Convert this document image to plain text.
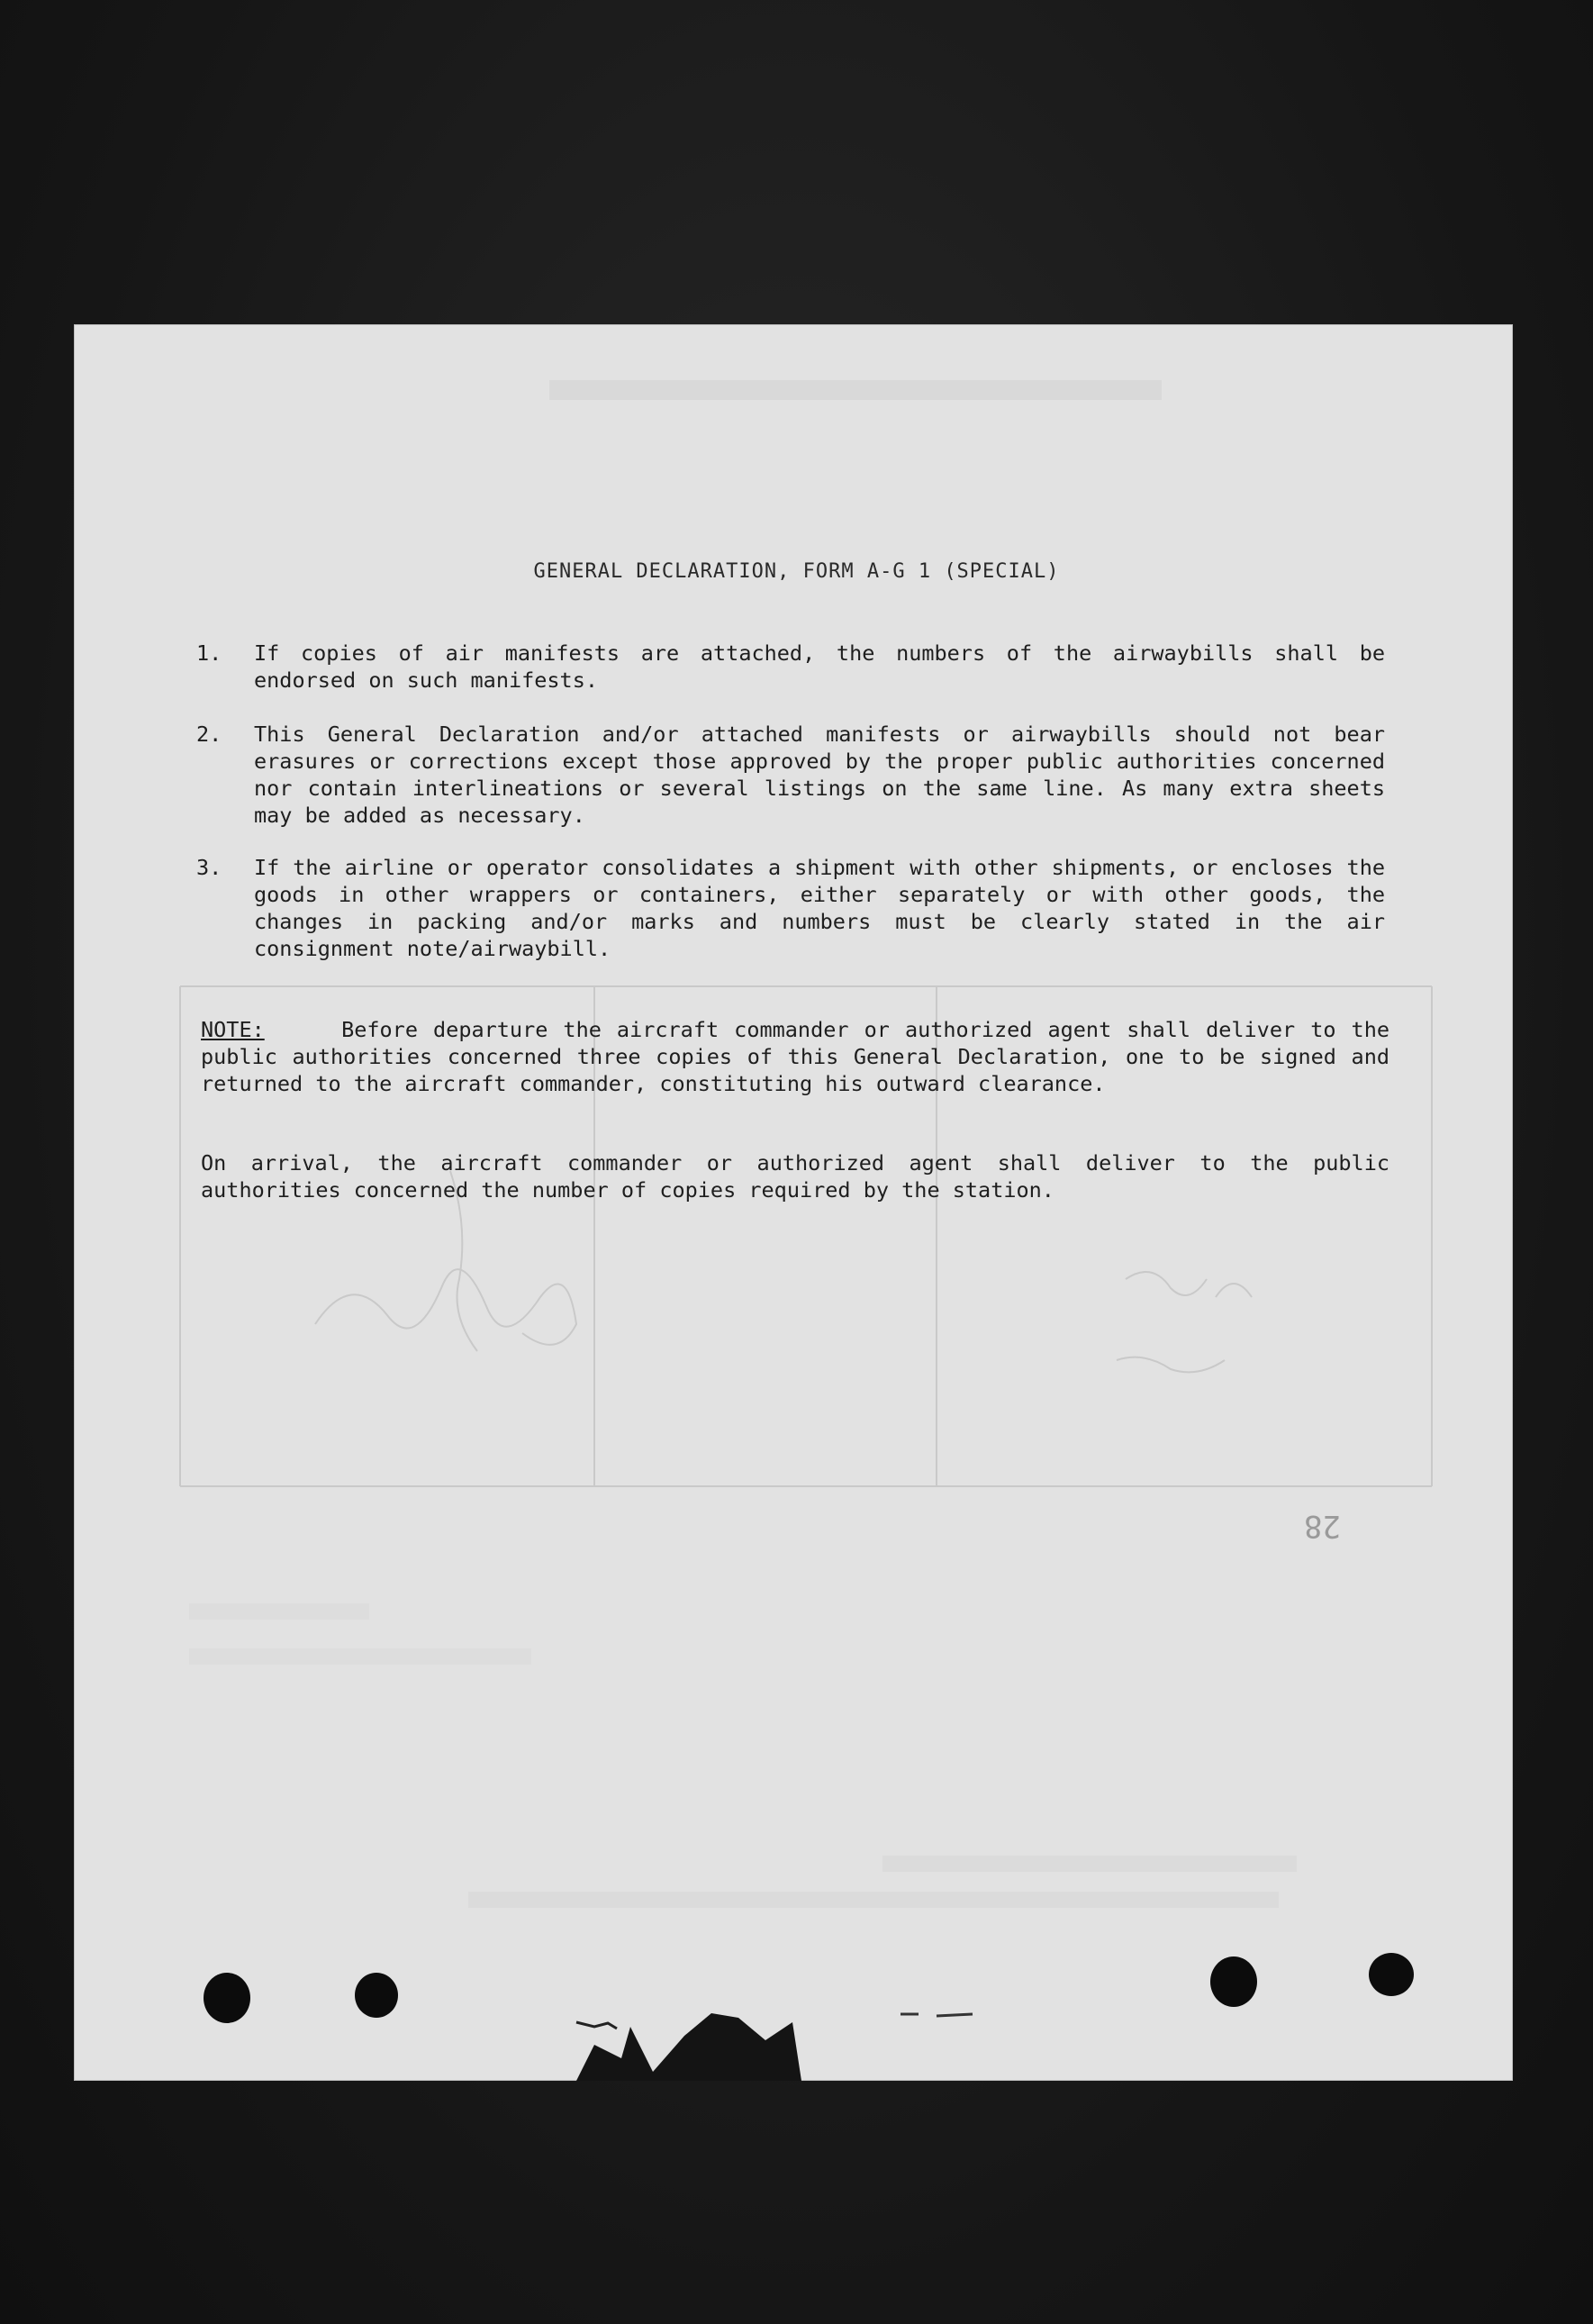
GENERAL DECLARATION, FORM A-G 1 (SPECIAL)
1. If copies of air manifests are attached, the numbers of the airwaybills shall be endorsed on such manifests.
2. This General Declaration and/or attached manifests or airwaybills should not bear erasures or corrections except those approved by the proper public authorities concerned nor contain interlineations or several listings on the same line. As many extra sheets may be added as necessary.
3. If the airline or operator consolidates a shipment with other shipments, or encloses the goods in other wrappers or containers, either separately or with other goods, the changes in packing and/or marks and numbers must be clearly stated in the air consignment note/airwaybill.
NOTE:	Before departure the aircraft commander or authorized agent shall deliver to the public authorities concerned three copies of this General Declaration, one to be signed and returned to the aircraft commander, constituting his outward clearance.
On arrival, the aircraft commander or authorized agent shall deliver to the public authorities concerned the number of copies required by the station.
28
